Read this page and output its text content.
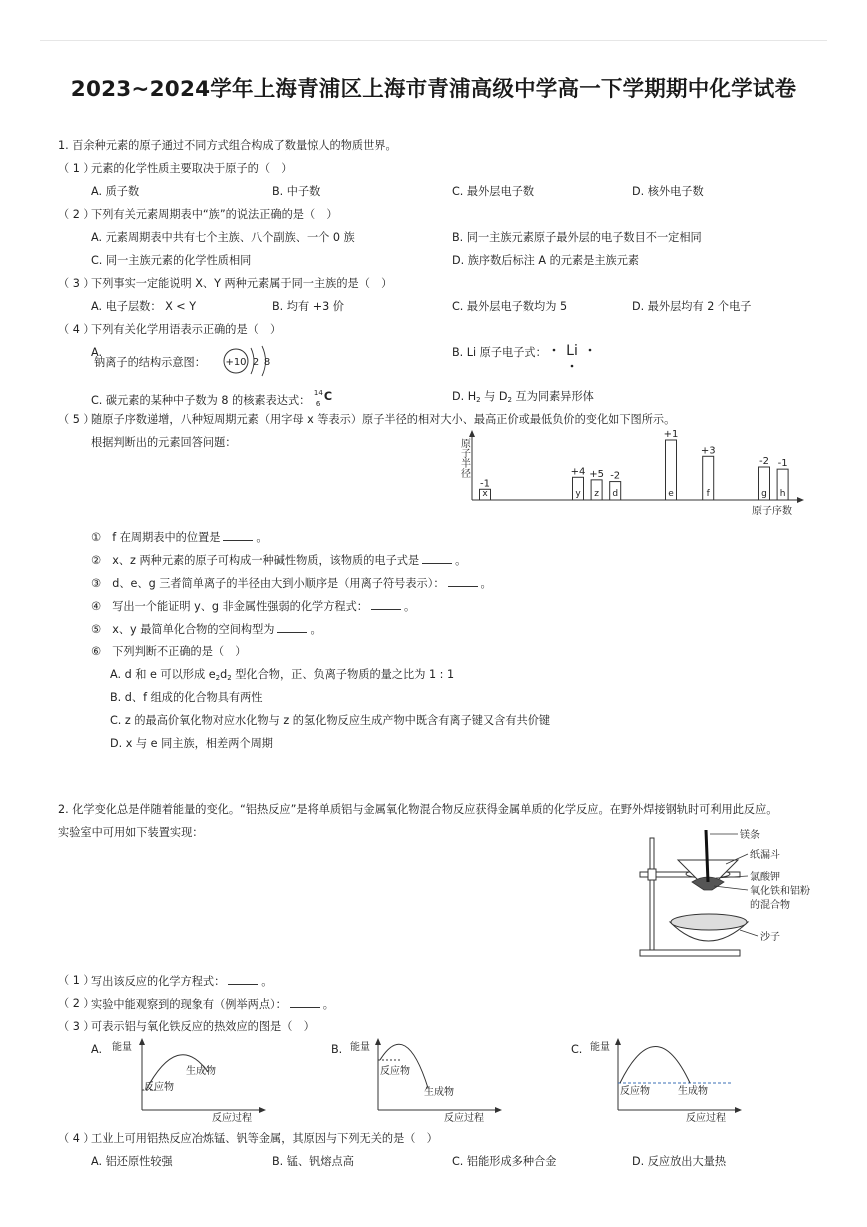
2023~2024学年上海青浦区上海市青浦高级中学高一下学期期中化学试卷
1. 百余种元素的原子通过不同方式组合构成了数量惊人的物质世界。
（ 1 ）
元素的化学性质主要取决于原子的（　）
A. 质子数	B. 中子数	C. 最外层电子数	D. 核外电子数
（ 2 ）
下列有关元素周期表中“族”的说法正确的是（　）
A. 元素周期表中共有七个主族、八个副族、一个 0 族	B. 同一主族元素原子最外层的电子数目不一定相同
C. 同一主族元素的化学性质相同	D. 族序数后标注 A 的元素是主族元素
（ 3 ）
下列事实一定能说明 X、Y 两种元素属于同一主族的是（　）
A. 电子层数： X < Y	B. 均有 +3 价	C. 最外层电子数均为 5	D. 最外层均有 2 个电子
（ 4 ）
下列有关化学用语表示正确的是（　）
A.
钠离子的结构示意图： +10 2 8
B. Li 原子电子式： Li
C. 碳元素的某种中子数为 8 的核素表达式：
14
6
C	D. $H_2$ 与 $D_2$ 互为同素异形体
（ 5 ）
随原子序数递增，八种短周期元素（用字母 x 等表示）原子半径的相对大小、最高正价或最低负价的变化如下图所示。
根据判断出的元素回答问题：	原子半径
原子序数
x
-1
y
+4
z
+5
d
-2
e
+1
f
+3
g
-2
h
-1
①　f 在周期表中的位置是	。
②　x、z 两种元素的原子可构成一种碱性物质，该物质的电子式是	。
③　d、e、g 三者简单离子的半径由大到小顺序是（用离子符号表示）：	。
④　写出一个能证明 y、g 非金属性强弱的化学方程式：	。
⑤　x、y 最简单化合物的空间构型为	。
⑥　下列判断不正确的是（　）
A. d 和 e 可以形成 $e_2d_2$ 型化合物，正、负离子物质的量之比为 1 : 1
B. d、f 组成的化合物具有两性
C. z 的最高价氧化物对应水化物与 z 的氢化物反应生成产物中既含有离子键又含有共价键
D. x 与 e 同主族，相差两个周期
2. 化学变化总是伴随着能量的变化。“铝热反应”是将单质铝与金属氧化物混合物反应获得金属单质的化学反应。在野外焊接钢轨时可利用此反应。
实验室中可用如下装置实现：	镁条
纸漏斗
氯酸钾
氧化铁和铝粉
的混合物
沙子
（ 1 ）
写出该反应的化学方程式：	。
（ 2 ）
实验中能观察到的现象有（例举两点）：	。
（ 3 ）
可表示铝与氧化铁反应的热效应的图是（　）
A.	B.	C.
能量
反应物
生成物
反应过程
能量
反应物
生成物
反应过程
能量
反应物	生成物
反应过程
（ 4 ）
工业上可用铝热反应冶炼锰、钒等金属，其原因与下列无关的是（　）
A. 铝还原性较强	B. 锰、钒熔点高	C. 铝能形成多种合金	D. 反应放出大量热
